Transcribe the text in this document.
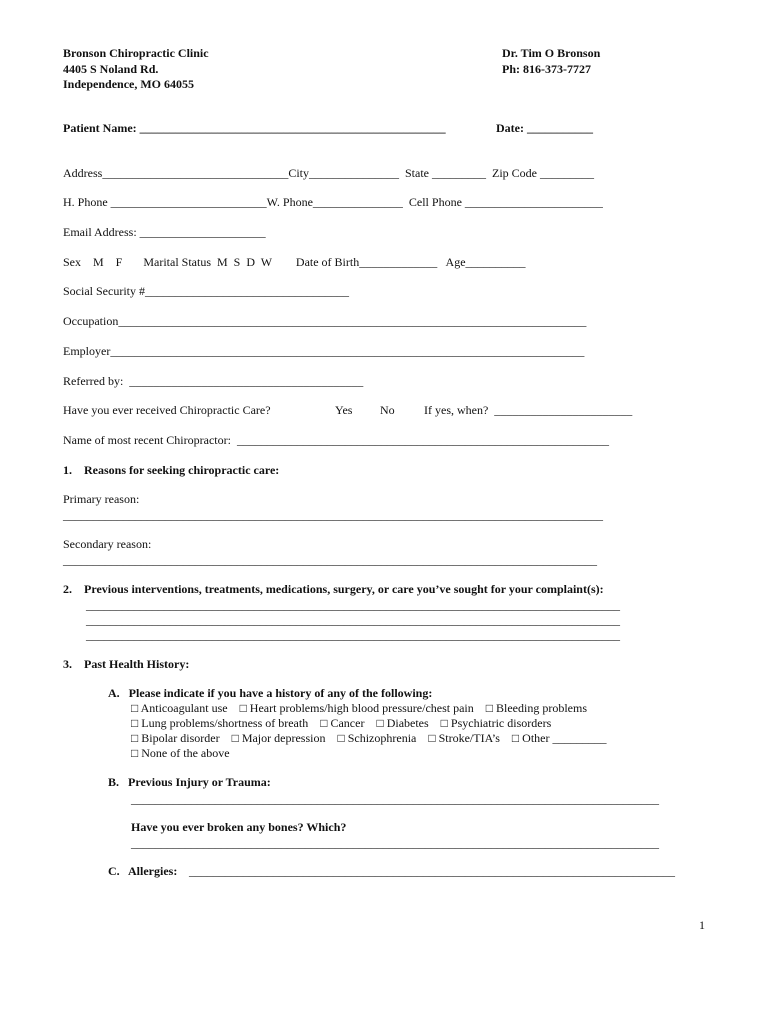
Bronson Chiropractic Clinic
4405 S Noland Rd.
Independence, MO 64055
Dr. Tim O Bronson
Ph: 816-373-7727
Patient Name: ___________________________________________________	Date: ___________
Address_______________________________City_______________  State _________  Zip Code _________
H. Phone __________________________W. Phone_______________  Cell Phone _______________________
Email Address: _____________________
Sex    M    F       Marital Status  M  S  D  W        Date of Birth_____________   Age__________
Social Security #__________________________________
Occupation______________________________________________________________________________
Employer_______________________________________________________________________________
Referred by:  _______________________________________
Have you ever received Chiropractic Care?	Yes No If yes, when?  _______________________
Name of most recent Chiropractor:  ______________________________________________________________
1.    Reasons for seeking chiropractic care:
Primary reason:
__________________________________________________________________________________________
Secondary reason:
_________________________________________________________________________________________
2.    Previous interventions, treatments, medications, surgery, or care you’ve sought for your complaint(s):
_________________________________________________________________________________________
_________________________________________________________________________________________
_________________________________________________________________________________________
3.    Past Health History:
A.   Please indicate if you have a history of any of the following:
□ Anticoagulant use    □ Heart problems/high blood pressure/chest pain    □ Bleeding problems
□ Lung problems/shortness of breath    □ Cancer    □ Diabetes    □ Psychiatric disorders
□ Bipolar disorder    □ Major depression    □ Schizophrenia    □ Stroke/TIA’s    □ Other _________
□ None of the above
B.   Previous Injury or Trauma:
________________________________________________________________________________________
Have you ever broken any bones? Which?
________________________________________________________________________________________
C.   Allergies: _________________________________________________________________________________
1
